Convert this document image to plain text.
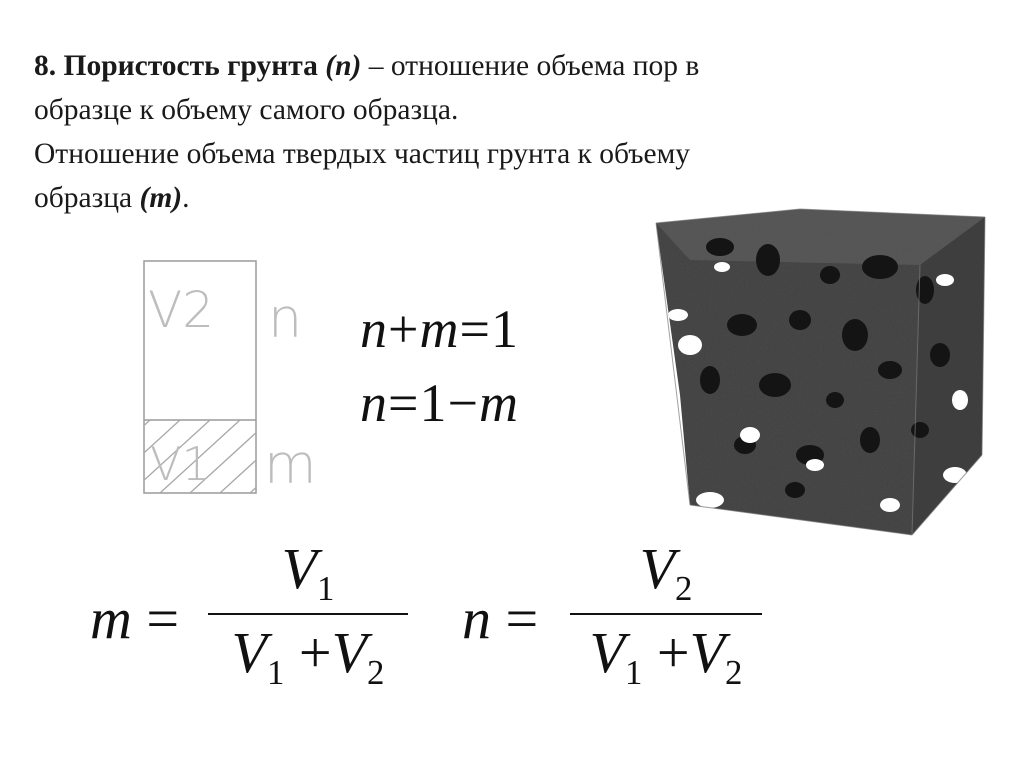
8. Пористость грунта (n) – отношение объема пор в
образце к объему самого образца.
Отношение объема твердых частиц грунта к объему
образца (m).
V2
V1
n
m
n+m=1
n=1−m
m =
$V_1$
$V_1 +V_2$
n =
$V_2$
$V_1 +V_2$
